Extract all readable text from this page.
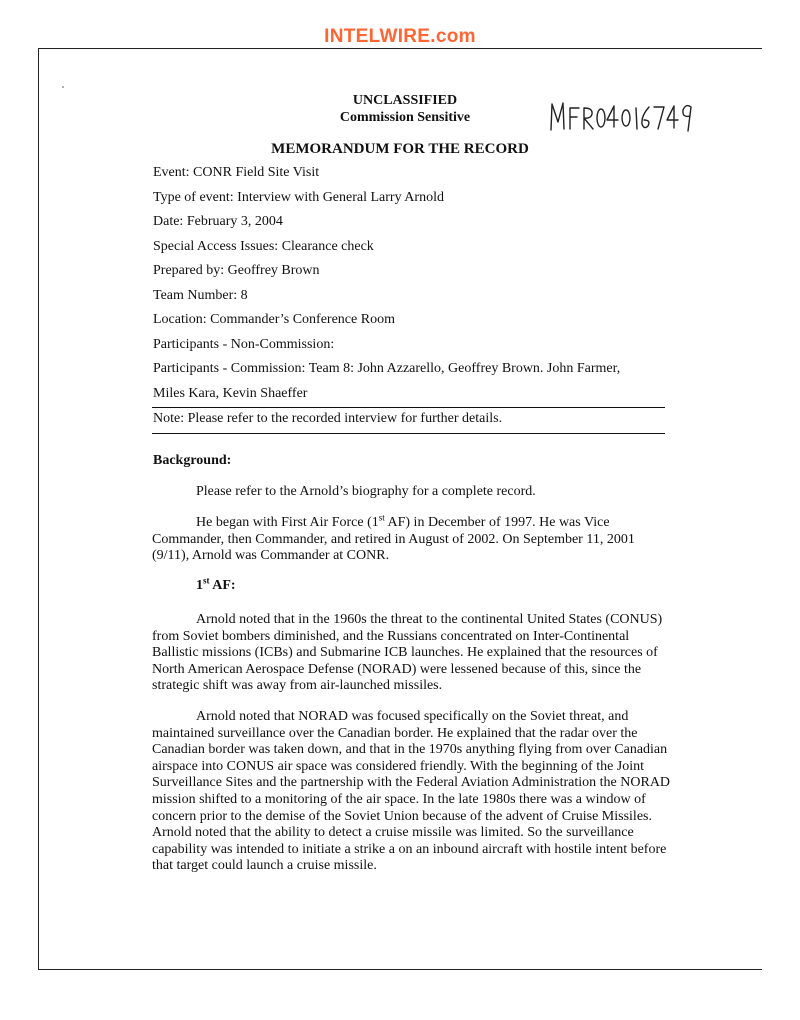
INTELWIRE.com
UNCLASSIFIED
Commission Sensitive
MEMORANDUM FOR THE RECORD
Event: CONR Field Site Visit
Type of event: Interview with General Larry Arnold
Date: February 3, 2004
Special Access Issues: Clearance check
Prepared by: Geoffrey Brown
Team Number: 8
Location: Commander’s Conference Room
Participants - Non-Commission:
Participants - Commission: Team 8: John Azzarello, Geoffrey Brown. John Farmer,
Miles Kara, Kevin Shaeffer
Note: Please refer to the recorded interview for further details.
Background:

Please refer to the Arnold’s biography for a complete record.

He began with First Air Force (1st AF) in December of 1997. He was Vice Commander, then Commander, and retired in August of 2002. On September 11, 2001 (9/11), Arnold was Commander at CONR.

1st AF:

Arnold noted that in the 1960s the threat to the continental United States (CONUS) from Soviet bombers diminished, and the Russians concentrated on Inter-Continental Ballistic missions (ICBs) and Submarine ICB launches. He explained that the resources of North American Aerospace Defense (NORAD) were lessened because of this, since the strategic shift was away from air-launched missiles.

Arnold noted that NORAD was focused specifically on the Soviet threat, and maintained surveillance over the Canadian border. He explained that the radar over the Canadian border was taken down, and that in the 1970s anything flying from over Canadian airspace into CONUS air space was considered friendly. With the beginning of the Joint Surveillance Sites and the partnership with the Federal Aviation Administration the NORAD mission shifted to a monitoring of the air space. In the late 1980s there was a window of concern prior to the demise of the Soviet Union because of the advent of Cruise Missiles. Arnold noted that the ability to detect a cruise missile was limited. So the surveillance capability was intended to initiate a strike a on an inbound aircraft with hostile intent before that target could launch a cruise missile.
